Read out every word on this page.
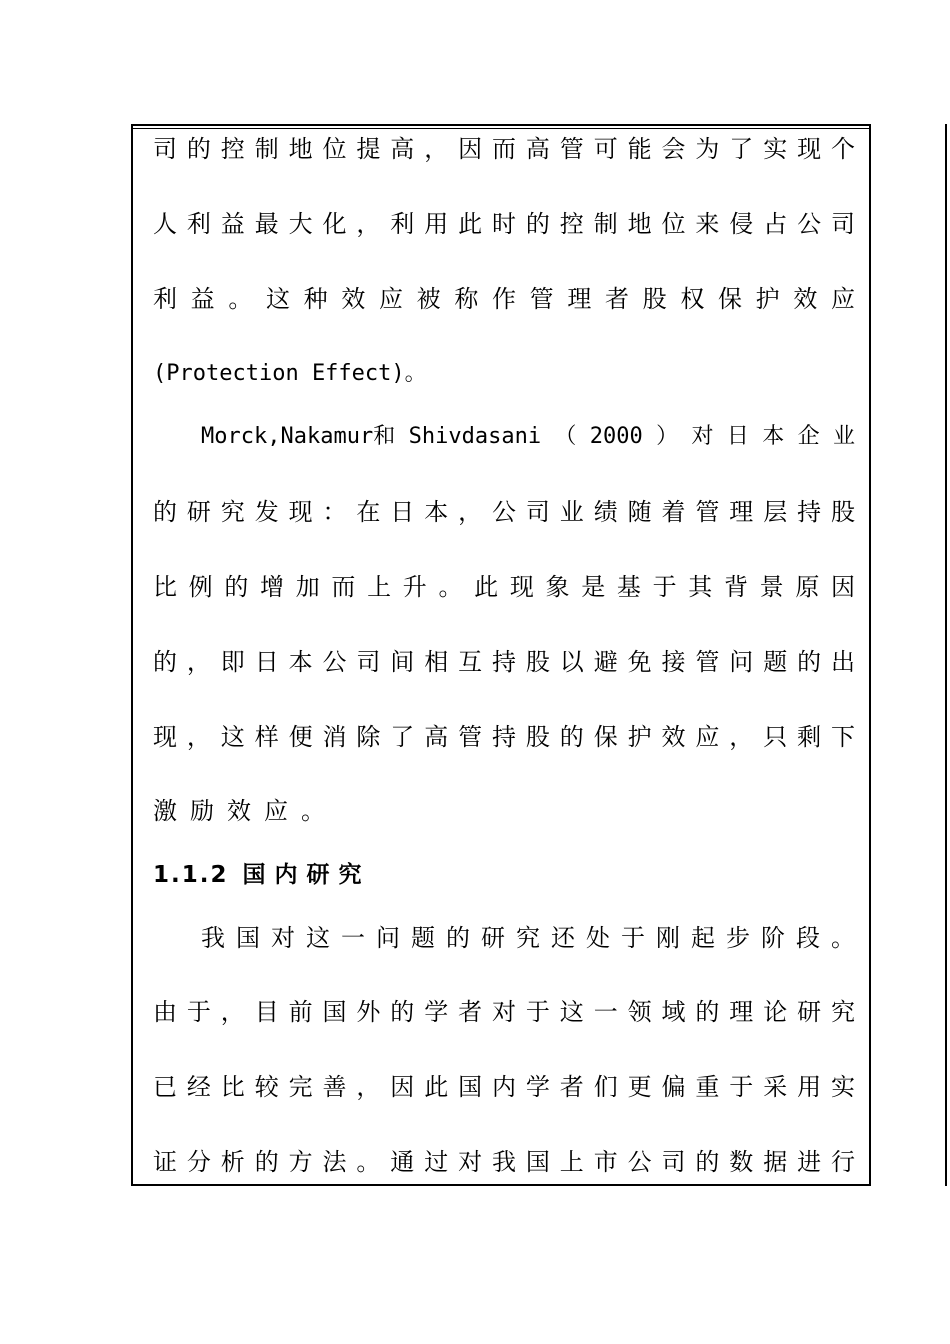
司的控制地位提高，因而高管可能会为了实现个
人利益最大化，利用此时的控制地位来侵占公司
利益。这种效应被称作管理者股权保护效应
(Protection Effect)。
Morck,Nakamur和 Shivdasani （ 2000 ） 对 日 本 企 业
的研究发现：在日本，公司业绩随着管理层持股
比例的增加而上升。此现象是基于其背景原因
的，即日本公司间相互持股以避免接管问题的出
现，这样便消除了高管持股的保护效应，只剩下
激励效应。
1.1.2 国内研究
我国对这一问题的研究还处于刚起步阶段。
由于，目前国外的学者对于这一领域的理论研究
已经比较完善，因此国内学者们更偏重于采用实
证分析的方法。通过对我国上市公司的数据进行
